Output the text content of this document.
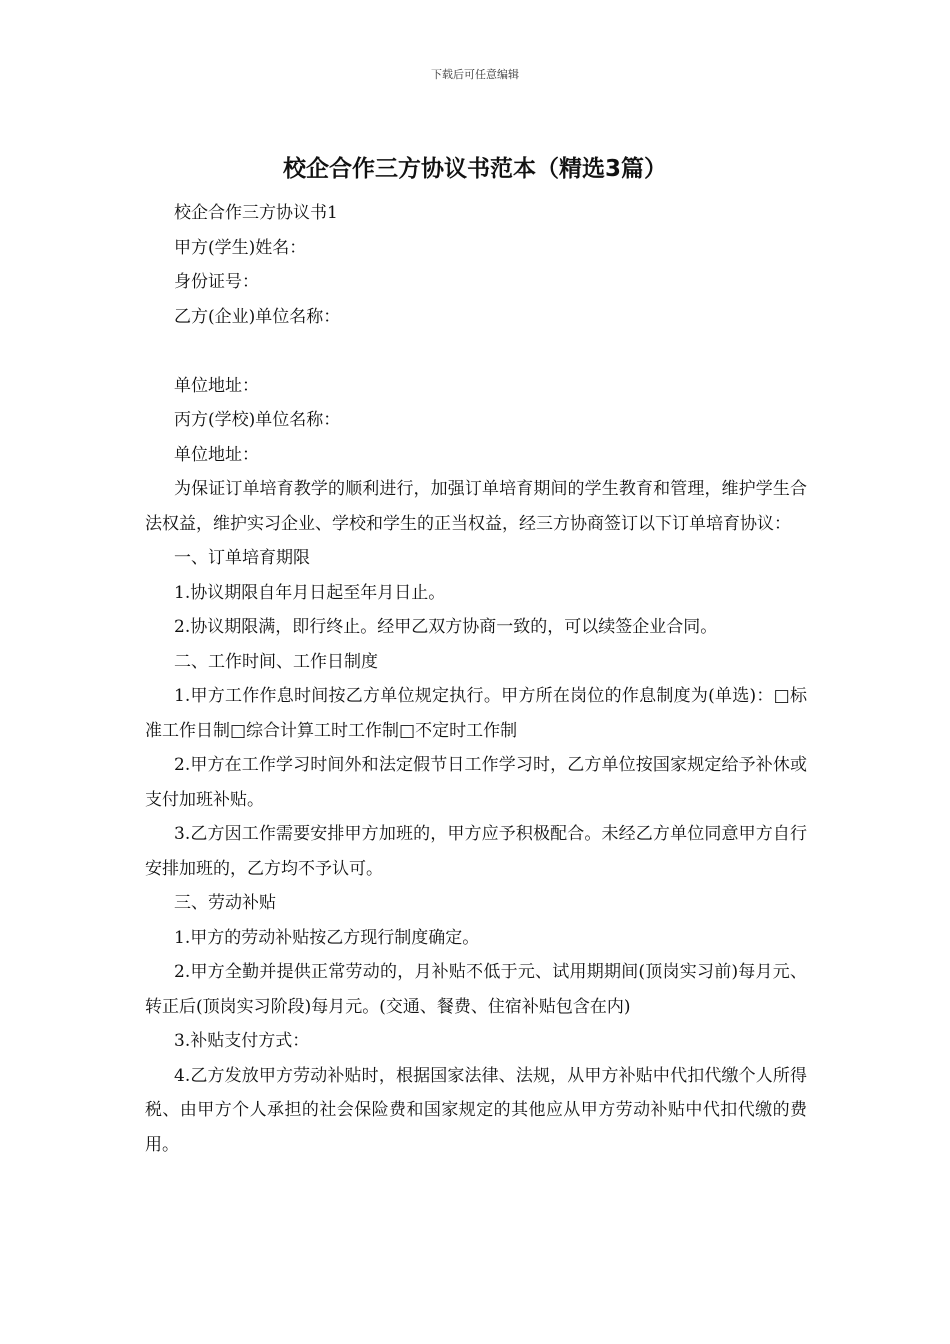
下载后可任意编辑
校企合作三方协议书范本（精选3篇）

校企合作三方协议书1

甲方(学生)姓名：

身份证号：

乙方(企业)单位名称：

单位地址：

丙方(学校)单位名称：

单位地址：

为保证订单培育教学的顺利进行，加强订单培育期间的学生教育和管理，维护学生合法权益，维护实习企业、学校和学生的正当权益，经三方协商签订以下订单培育协议：

一、订单培育期限

1.协议期限自年月日起至年月日止。

2.协议期限满，即行终止。经甲乙双方协商一致的，可以续签企业合同。

二、工作时间、工作日制度

1.甲方工作作息时间按乙方单位规定执行。甲方所在岗位的作息制度为(单选)：□标准工作日制□综合计算工时工作制□不定时工作制

2.甲方在工作学习时间外和法定假节日工作学习时，乙方单位按国家规定给予补休或支付加班补贴。

3.乙方因工作需要安排甲方加班的，甲方应予积极配合。未经乙方单位同意甲方自行安排加班的，乙方均不予认可。

三、劳动补贴

1.甲方的劳动补贴按乙方现行制度确定。

2.甲方全勤并提供正常劳动的，月补贴不低于元、试用期期间(顶岗实习前)每月元、转正后(顶岗实习阶段)每月元。(交通、餐费、住宿补贴包含在内)

3.补贴支付方式：

4.乙方发放甲方劳动补贴时，根据国家法律、法规，从甲方补贴中代扣代缴个人所得税、由甲方个人承担的社会保险费和国家规定的其他应从甲方劳动补贴中代扣代缴的费用。
